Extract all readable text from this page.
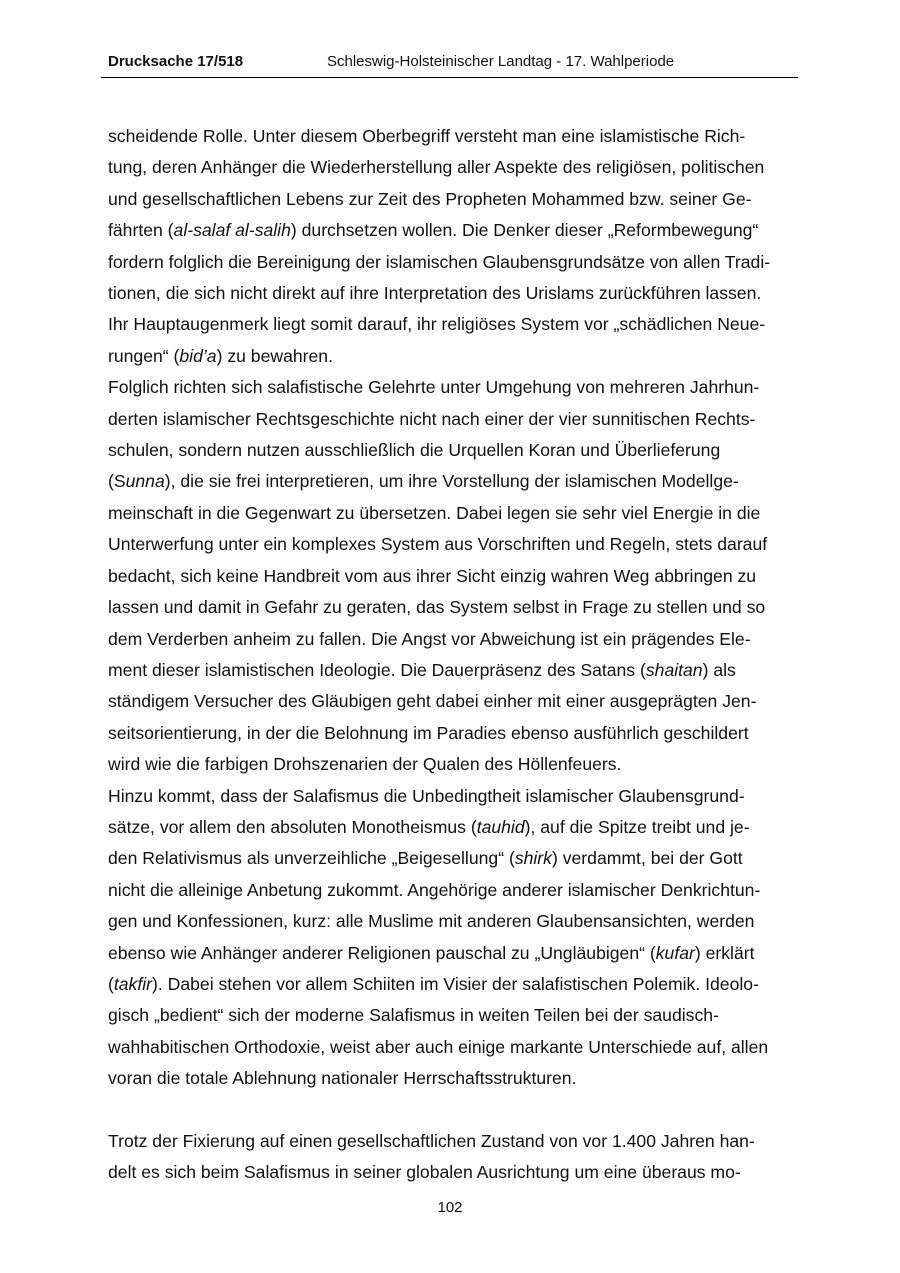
Drucksache 17/518	Schleswig-Holsteinischer Landtag - 17. Wahlperiode
scheidende Rolle. Unter diesem Oberbegriff versteht man eine islamistische Rich-
tung, deren Anhänger die Wiederherstellung aller Aspekte des religiösen, politischen
und gesellschaftlichen Lebens zur Zeit des Propheten Mohammed bzw. seiner Ge-
fährten (al-salaf al-salih) durchsetzen wollen. Die Denker dieser „Reformbewegung“
fordern folglich die Bereinigung der islamischen Glaubensgrundsätze von allen Tradi-
tionen, die sich nicht direkt auf ihre Interpretation des Urislams zurückführen lassen.
Ihr Hauptaugenmerk liegt somit darauf, ihr religiöses System vor „schädlichen Neue-
rungen“ (bid’a) zu bewahren.
Folglich richten sich salafistische Gelehrte unter Umgehung von mehreren Jahrhun-
derten islamischer Rechtsgeschichte nicht nach einer der vier sunnitischen Rechts-
schulen, sondern nutzen ausschließlich die Urquellen Koran und Überlieferung
(Sunna), die sie frei interpretieren, um ihre Vorstellung der islamischen Modellge-
meinschaft in die Gegenwart zu übersetzen. Dabei legen sie sehr viel Energie in die
Unterwerfung unter ein komplexes System aus Vorschriften und Regeln, stets darauf
bedacht, sich keine Handbreit vom aus ihrer Sicht einzig wahren Weg abbringen zu
lassen und damit in Gefahr zu geraten, das System selbst in Frage zu stellen und so
dem Verderben anheim zu fallen. Die Angst vor Abweichung ist ein prägendes Ele-
ment dieser islamistischen Ideologie. Die Dauerpräsenz des Satans (shaitan) als
ständigem Versucher des Gläubigen geht dabei einher mit einer ausgeprägten Jen-
seitsorientierung, in der die Belohnung im Paradies ebenso ausführlich geschildert
wird wie die farbigen Drohszenarien der Qualen des Höllenfeuers.
Hinzu kommt, dass der Salafismus die Unbedingtheit islamischer Glaubensgrund-
sätze, vor allem den absoluten Monotheismus (tauhid), auf die Spitze treibt und je-
den Relativismus als unverzeihliche „Beigesellung“ (shirk) verdammt, bei der Gott
nicht die alleinige Anbetung zukommt. Angehörige anderer islamischer Denkrichtun-
gen und Konfessionen, kurz: alle Muslime mit anderen Glaubensansichten, werden
ebenso wie Anhänger anderer Religionen pauschal zu „Ungläubigen“ (kufar) erklärt
(takfir). Dabei stehen vor allem Schiiten im Visier der salafistischen Polemik. Ideolo-
gisch „bedient“ sich der moderne Salafismus in weiten Teilen bei der saudisch-
wahhabitischen Orthodoxie, weist aber auch einige markante Unterschiede auf, allen
voran die totale Ablehnung nationaler Herrschaftsstrukturen.
Trotz der Fixierung auf einen gesellschaftlichen Zustand von vor 1.400 Jahren han-
delt es sich beim Salafismus in seiner globalen Ausrichtung um eine überaus mo-
102
